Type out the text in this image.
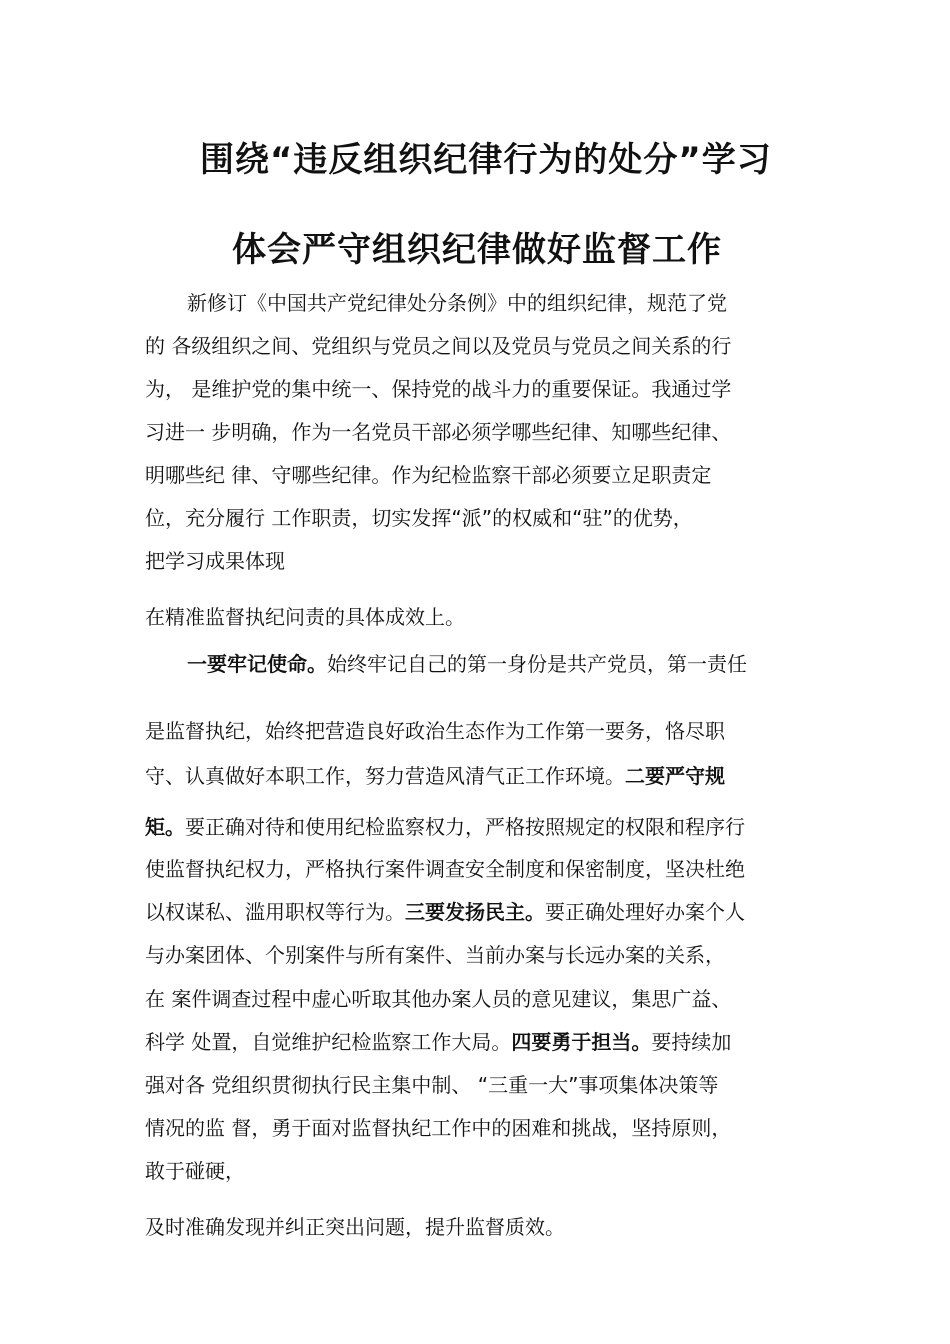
围绕“违反组织纪律行为的处分”学习
体会严守组织纪律做好监督工作
新修订《中国共产党纪律处分条例》中的组织纪律，规范了党
的 各级组织之间、党组织与党员之间以及党员与党员之间关系的行
为， 是维护党的集中统一、保持党的战斗力的重要保证。我通过学
习进一 步明确，作为一名党员干部必须学哪些纪律、知哪些纪律、
明哪些纪 律、守哪些纪律。作为纪检监察干部必须要立足职责定
位，充分履行 工作职责，切实发挥“派”的权威和“驻”的优势，
把学习成果体现
在精准监督执纪问责的具体成效上。
一要牢记使命。始终牢记自己的第一身份是共产党员，第一责任
是监督执纪，始终把营造良好政治生态作为工作第一要务，恪尽职
守、认真做好本职工作，努力营造风清气正工作环境。二要严守规
矩。要正确对待和使用纪检监察权力，严格按照规定的权限和程序行
使监督执纪权力，严格执行案件调查安全制度和保密制度，坚决杜绝
以权谋私、滥用职权等行为。三要发扬民主。要正确处理好办案个人
与办案团体、个别案件与所有案件、当前办案与长远办案的关系，
在 案件调查过程中虚心听取其他办案人员的意见建议，集思广益、
科学 处置，自觉维护纪检监察工作大局。四要勇于担当。要持续加
强对各 党组织贯彻执行民主集中制、 “三重一大”事项集体决策等
情况的监 督，勇于面对监督执纪工作中的困难和挑战，坚持原则，
敢于碰硬，
及时准确发现并纠正突出问题，提升监督质效。
